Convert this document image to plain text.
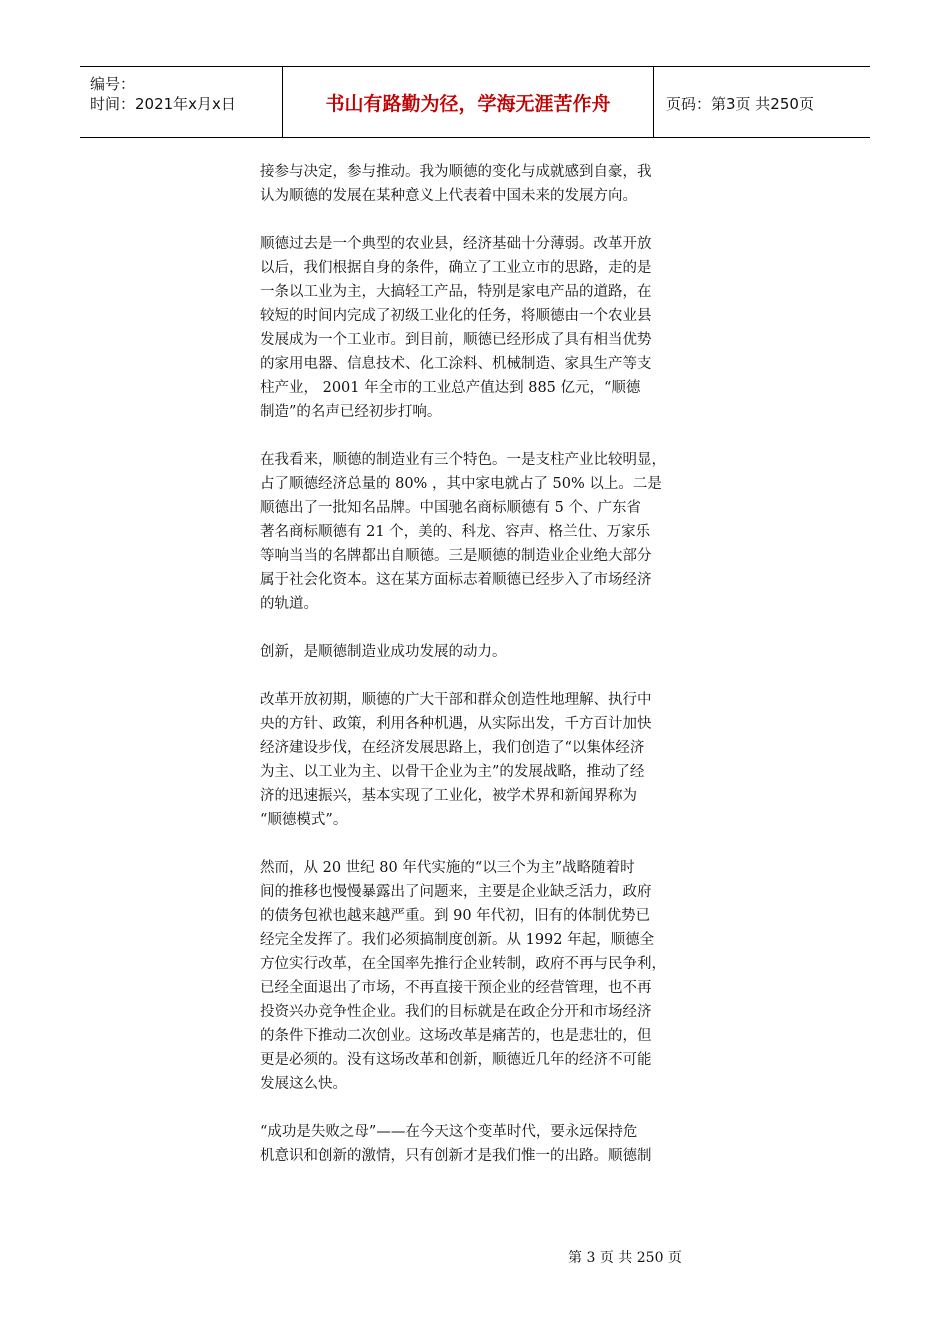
编号：
时间：2021年x月x日	书山有路勤为径，学海无涯苦作舟	页码：第3页 共250页

接参与决定，参与推动。我为顺德的变化与成就感到自豪，我
认为顺德的发展在某种意义上代表着中国未来的发展方向。

顺德过去是一个典型的农业县，经济基础十分薄弱。改革开放
以后，我们根据自身的条件，确立了工业立市的思路，走的是
一条以工业为主，大搞轻工产品，特别是家电产品的道路，在
较短的时间内完成了初级工业化的任务，将顺德由一个农业县
发展成为一个工业市。到目前，顺德已经形成了具有相当优势
的家用电器、信息技术、化工涂料、机械制造、家具生产等支
柱产业， 2001 年全市的工业总产值达到 885 亿元，“顺德
制造”的名声已经初步打响。

在我看来，顺德的制造业有三个特色。一是支柱产业比较明显，
占了顺德经济总量的 80% ，其中家电就占了 50% 以上。二是
顺德出了一批知名品牌。中国驰名商标顺德有 5 个、广东省
著名商标顺德有 21 个，美的、科龙、容声、格兰仕、万家乐
等响当当的名牌都出自顺德。三是顺德的制造业企业绝大部分
属于社会化资本。这在某方面标志着顺德已经步入了市场经济
的轨道。

创新，是顺德制造业成功发展的动力。

改革开放初期，顺德的广大干部和群众创造性地理解、执行中
央的方针、政策，利用各种机遇，从实际出发，千方百计加快
经济建设步伐，在经济发展思路上，我们创造了“以集体经济
为主、以工业为主、以骨干企业为主”的发展战略，推动了经
济的迅速振兴，基本实现了工业化，被学术界和新闻界称为
“顺德模式”。

然而，从 20 世纪 80 年代实施的“以三个为主”战略随着时
间的推移也慢慢暴露出了问题来，主要是企业缺乏活力，政府
的债务包袱也越来越严重。到 90 年代初，旧有的体制优势已
经完全发挥了。我们必须搞制度创新。从 1992 年起，顺德全
方位实行改革，在全国率先推行企业转制，政府不再与民争利，
已经全面退出了市场，不再直接干预企业的经营管理，也不再
投资兴办竞争性企业。我们的目标就是在政企分开和市场经济
的条件下推动二次创业。这场改革是痛苦的，也是悲壮的，但
更是必须的。没有这场改革和创新，顺德近几年的经济不可能
发展这么快。

“成功是失败之母”——在今天这个变革时代，要永远保持危
机意识和创新的激情，只有创新才是我们惟一的出路。顺德制

第 3 页 共 250 页
